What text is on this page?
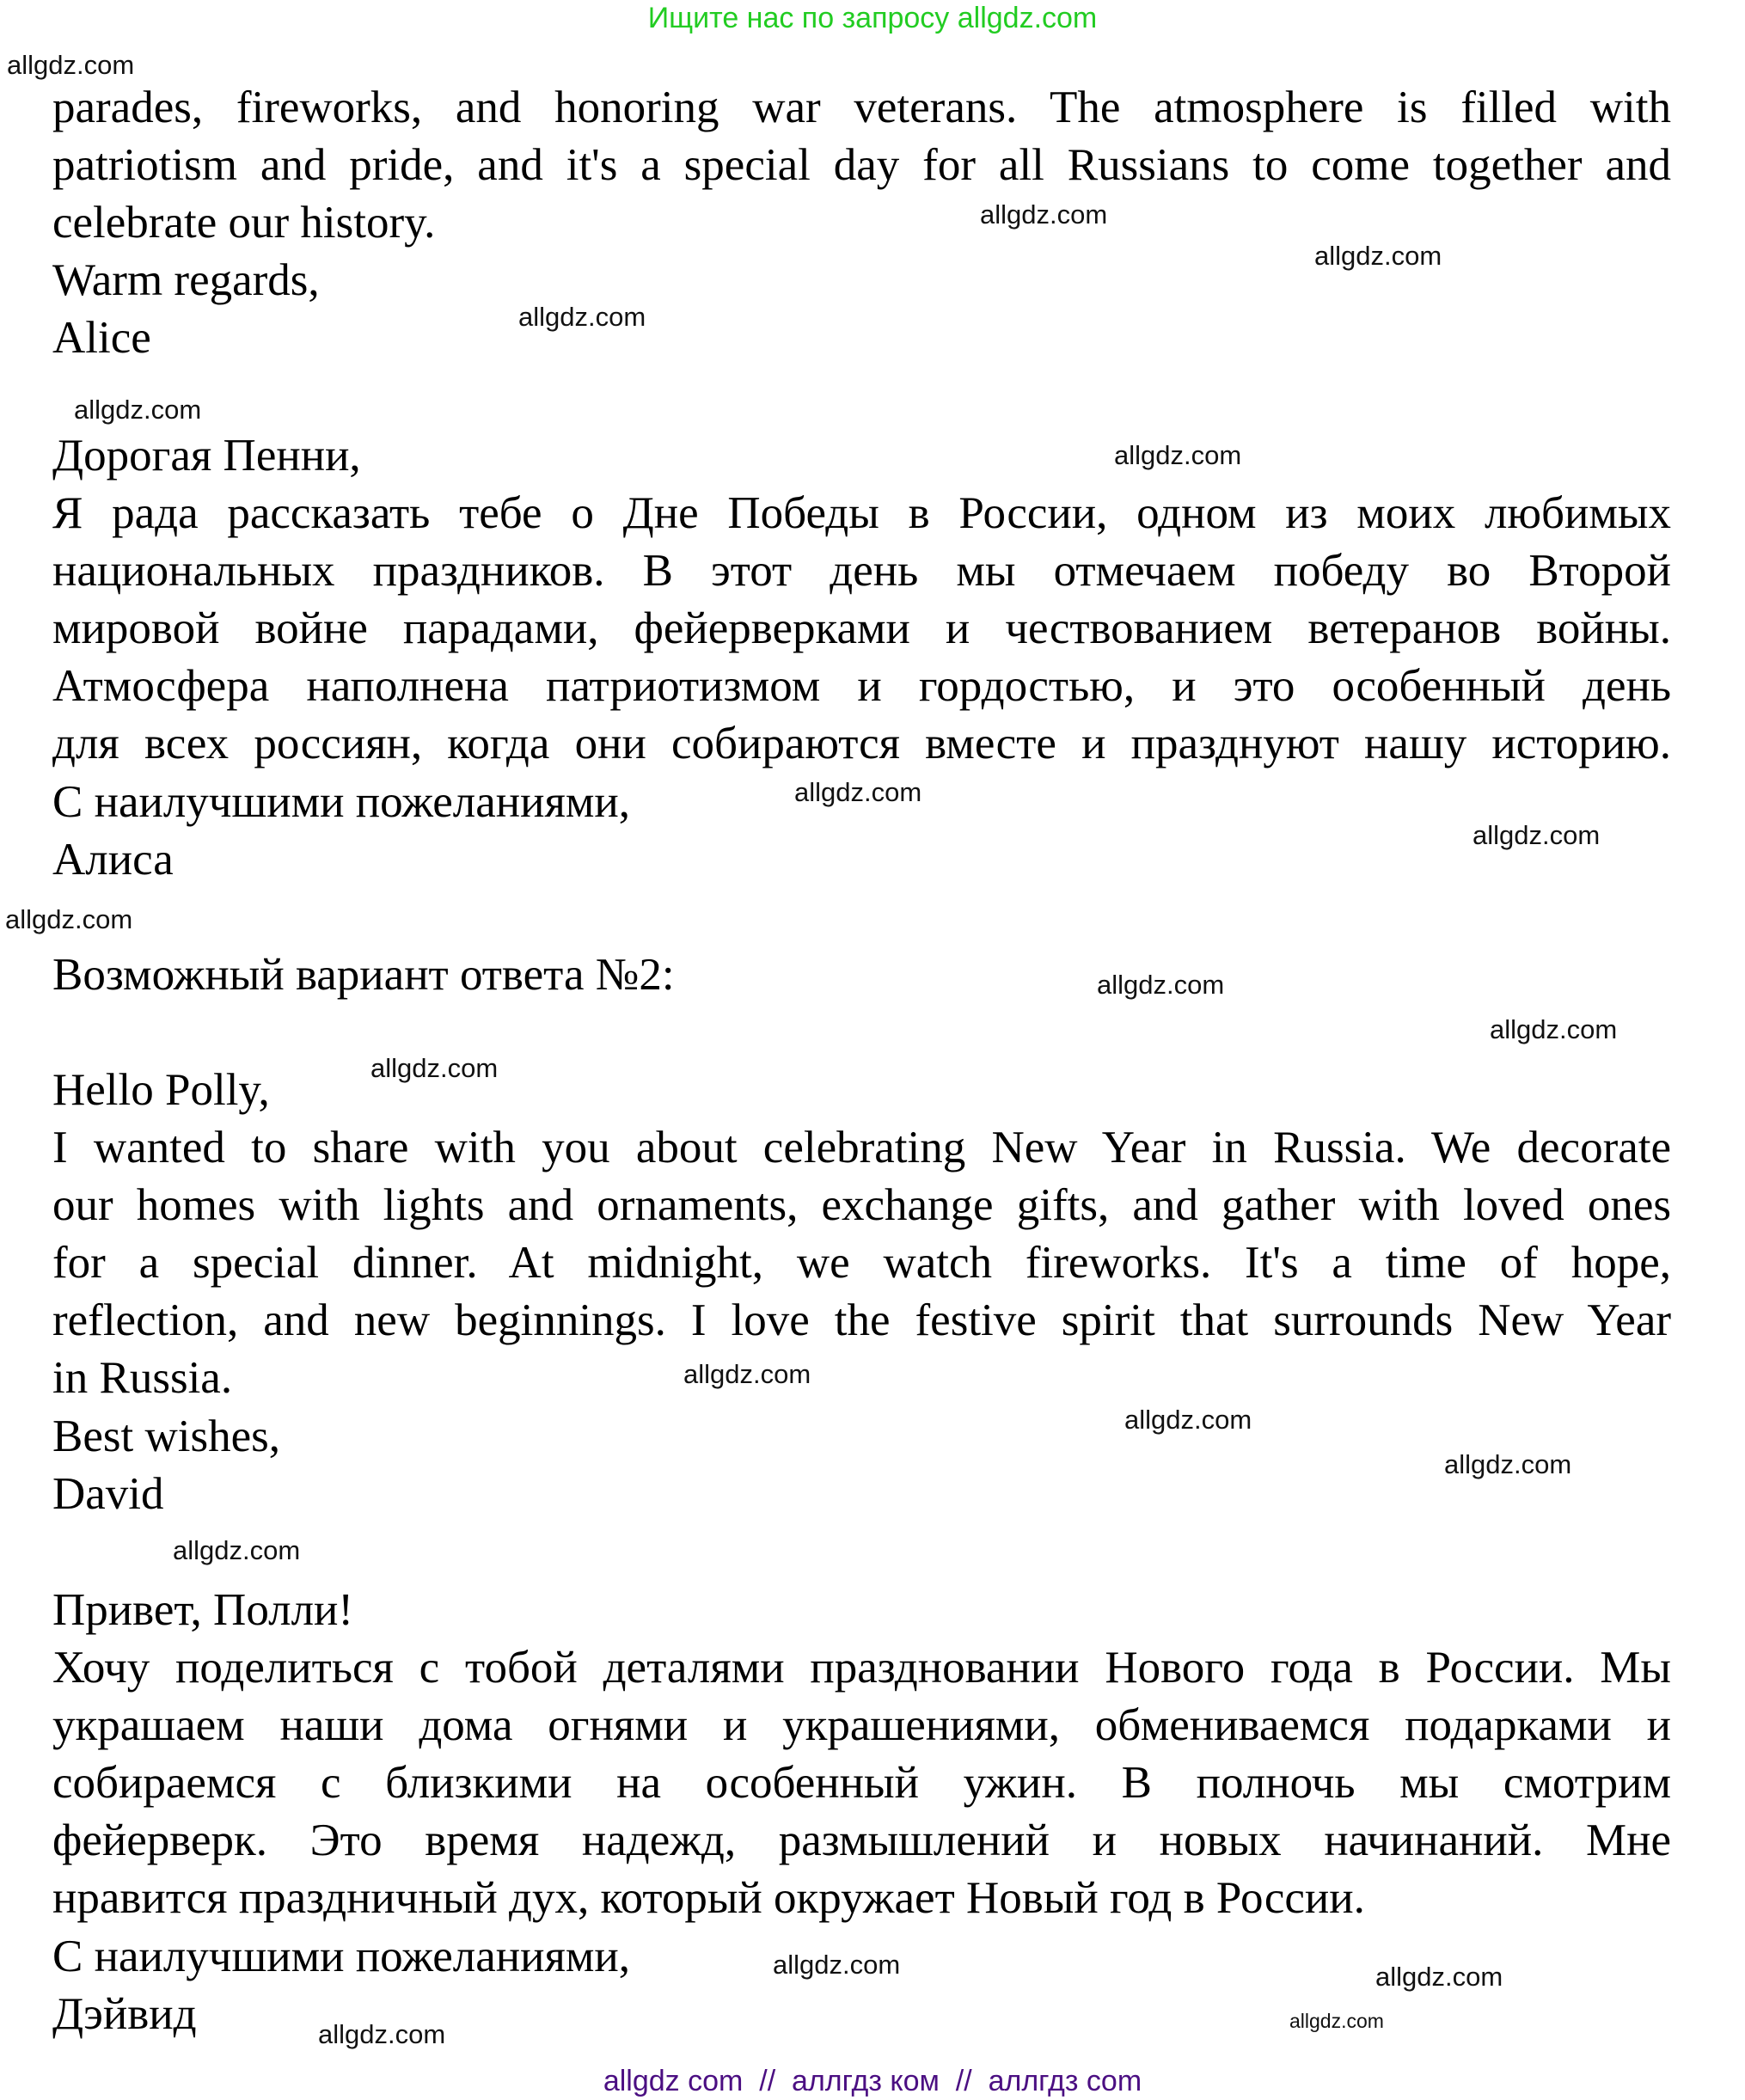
Ищите нас по запросу allgdz.com
parades, fireworks, and honoring war veterans. The atmosphere is filled with
patriotism and pride, and it's a special day for all Russians to come together and
celebrate our history.
Warm regards,
Alice
Дорогая Пенни,
Я рада рассказать тебе о Дне Победы в России, одном из моих любимых
национальных праздников. В этот день мы отмечаем победу во Второй
мировой войне парадами, фейерверками и чествованием ветеранов войны.
Атмосфера наполнена патриотизмом и гордостью, и это особенный день
для всех россиян, когда они собираются вместе и празднуют нашу историю.
С наилучшими пожеланиями,
Алиса
Возможный вариант ответа №2:
Hello Polly,
I wanted to share with you about celebrating New Year in Russia. We decorate
our homes with lights and ornaments, exchange gifts, and gather with loved ones
for a special dinner. At midnight, we watch fireworks. It's a time of hope,
reflection, and new beginnings. I love the festive spirit that surrounds New Year
in Russia.
Best wishes,
David
Привет, Полли!
Хочу поделиться с тобой деталями праздновании Нового года в России. Мы
украшаем наши дома огнями и украшениями, обмениваемся подарками и
собираемся с близкими на особенный ужин. В полночь мы смотрим
фейерверк. Это время надежд, размышлений и новых начинаний. Мне
нравится праздничный дух, который окружает Новый год в России.
С наилучшими пожеланиями,
Дэйвид
allgdz.com
allgdz.com
allgdz.com
allgdz.com
allgdz.com
allgdz.com
allgdz.com
allgdz.com
allgdz.com
allgdz.com
allgdz.com
allgdz.com
allgdz.com
allgdz.com
allgdz.com
allgdz.com
allgdz.com
allgdz.com
allgdz.com
allgdz.com
allgdz com  //  аллгдз ком  //  аллгдз com
